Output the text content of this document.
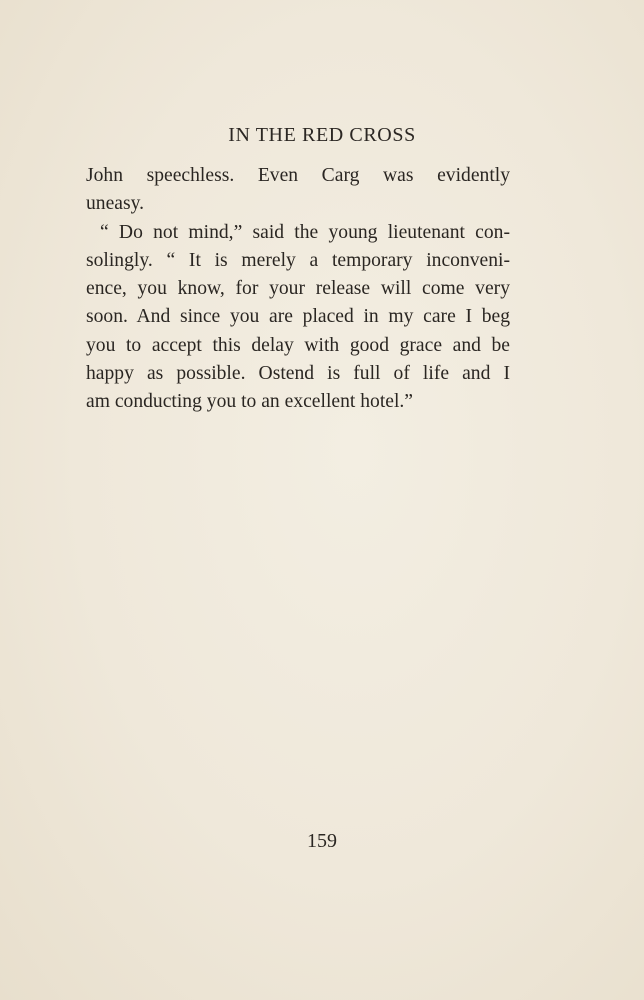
IN THE RED CROSS

John speechless. Even Carg was evidently
uneasy.

“ Do not mind,” said the young lieutenant con-
solingly. “ It is merely a temporary inconveni-
ence, you know, for your release will come very
soon. And since you are placed in my care I beg
you to accept this delay with good grace and be
happy as possible. Ostend is full of life and I
am conducting you to an excellent hotel.”

159
